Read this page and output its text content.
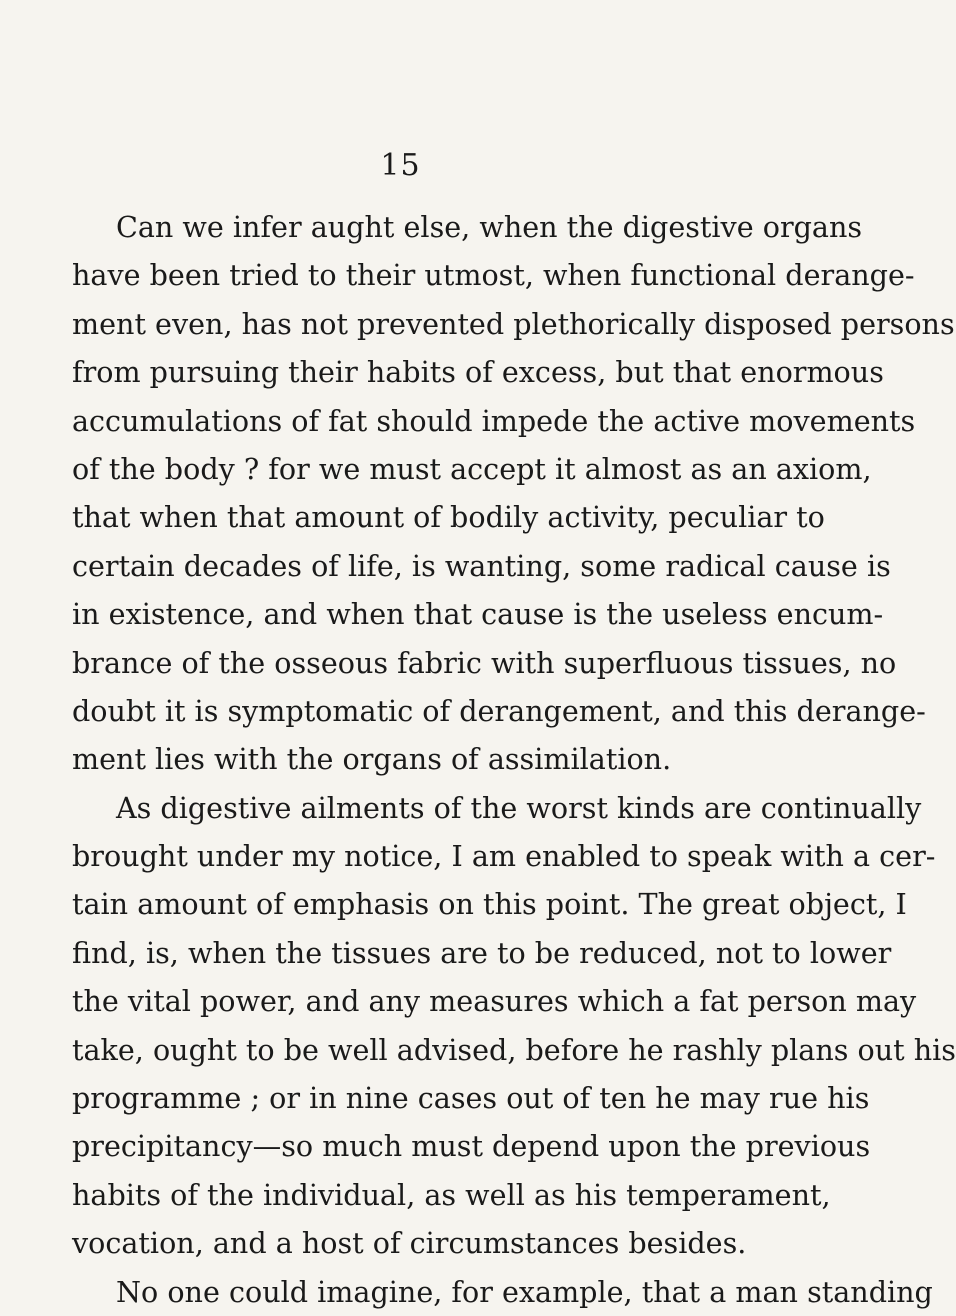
15
Can we infer aught else, when the digestive organs
have been tried to their utmost, when functional derange-
ment even, has not prevented plethorically disposed persons
from pursuing their habits of excess, but that enormous
accumulations of fat should impede the active movements
of the body ? for we must accept it almost as an axiom,
that when that amount of bodily activity, peculiar to
certain decades of life, is wanting, some radical cause is
in existence, and when that cause is the useless encum-
brance of the osseous fabric with superfluous tissues, no
doubt it is symptomatic of derangement, and this derange-
ment lies with the organs of assimilation.
As digestive ailments of the worst kinds are continually
brought under my notice, I am enabled to speak with a cer-
tain amount of emphasis on this point. The great object, I
find, is, when the tissues are to be reduced, not to lower
the vital power, and any measures which a fat person may
take, ought to be well advised, before he rashly plans out his
programme ; or in nine cases out of ten he may rue his
precipitancy—so much must depend upon the previous
habits of the individual, as well as his temperament,
vocation, and a host of circumstances besides.
No one could imagine, for example, that a man standing
